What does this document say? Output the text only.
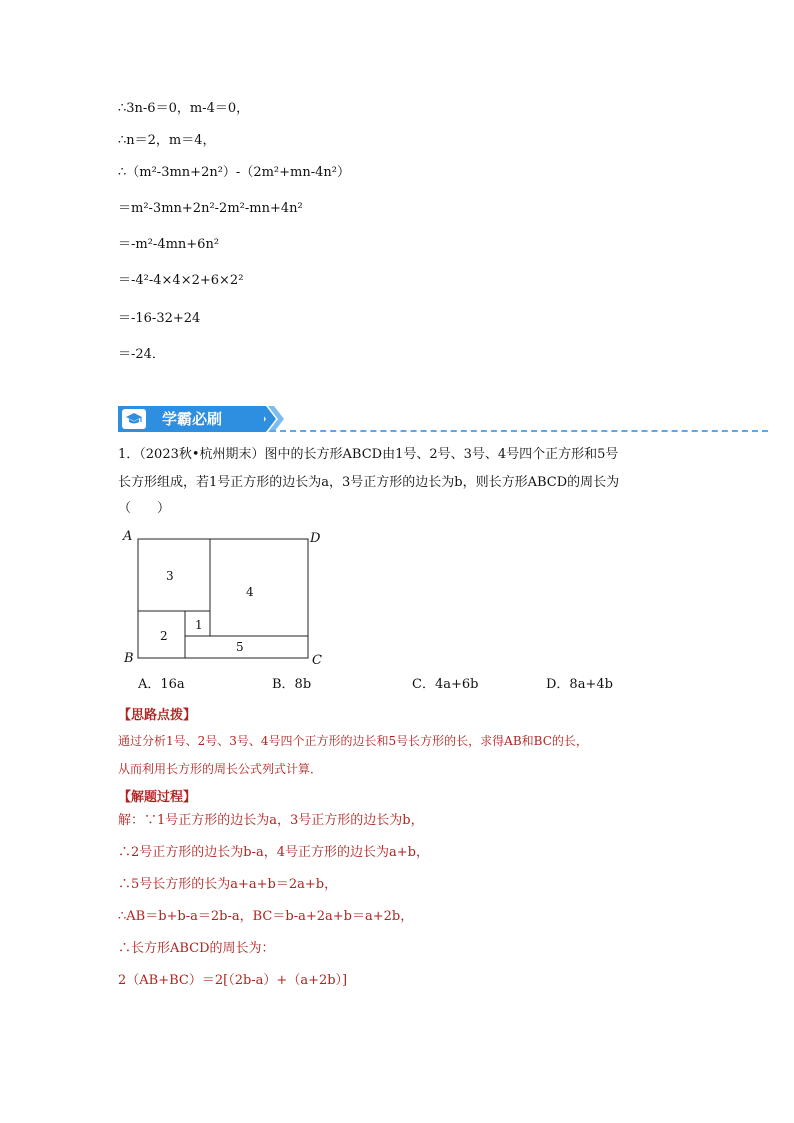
∴3n-6＝0，m-4＝0，
∴n＝2，m＝4，
∴（m²-3mn+2n²）-（2m²+mn-4n²）
＝m²-3mn+2n²-2m²-mn+4n²
＝-m²-4mn+6n²
＝-4²-4×4×2+6×2²
＝-16-32+24
＝-24．
学霸必刷
1．（2023秋•杭州期末）图中的长方形ABCD由1号、2号、3号、4号四个正方形和5号
长方形组成，若1号正方形的边长为a，3号正方形的边长为b，则长方形ABCD的周长为
（　　）
A	D
B	C
3
4
2
1
5
A．16a	B．8b	C．4a+6b	D．8a+4b
【思路点拨】
通过分析1号、2号、3号、4号四个正方形的边长和5号长方形的长，求得AB和BC的长，
从而利用长方形的周长公式列式计算．
【解题过程】
解：∵1号正方形的边长为a，3号正方形的边长为b，
∴2号正方形的边长为b-a，4号正方形的边长为a+b，
∴5号长方形的长为a+a+b＝2a+b，
∴AB＝b+b-a＝2b-a，BC＝b-a+2a+b＝a+2b，
∴长方形ABCD的周长为：
2（AB+BC）＝2[（2b-a）+（a+2b）]
